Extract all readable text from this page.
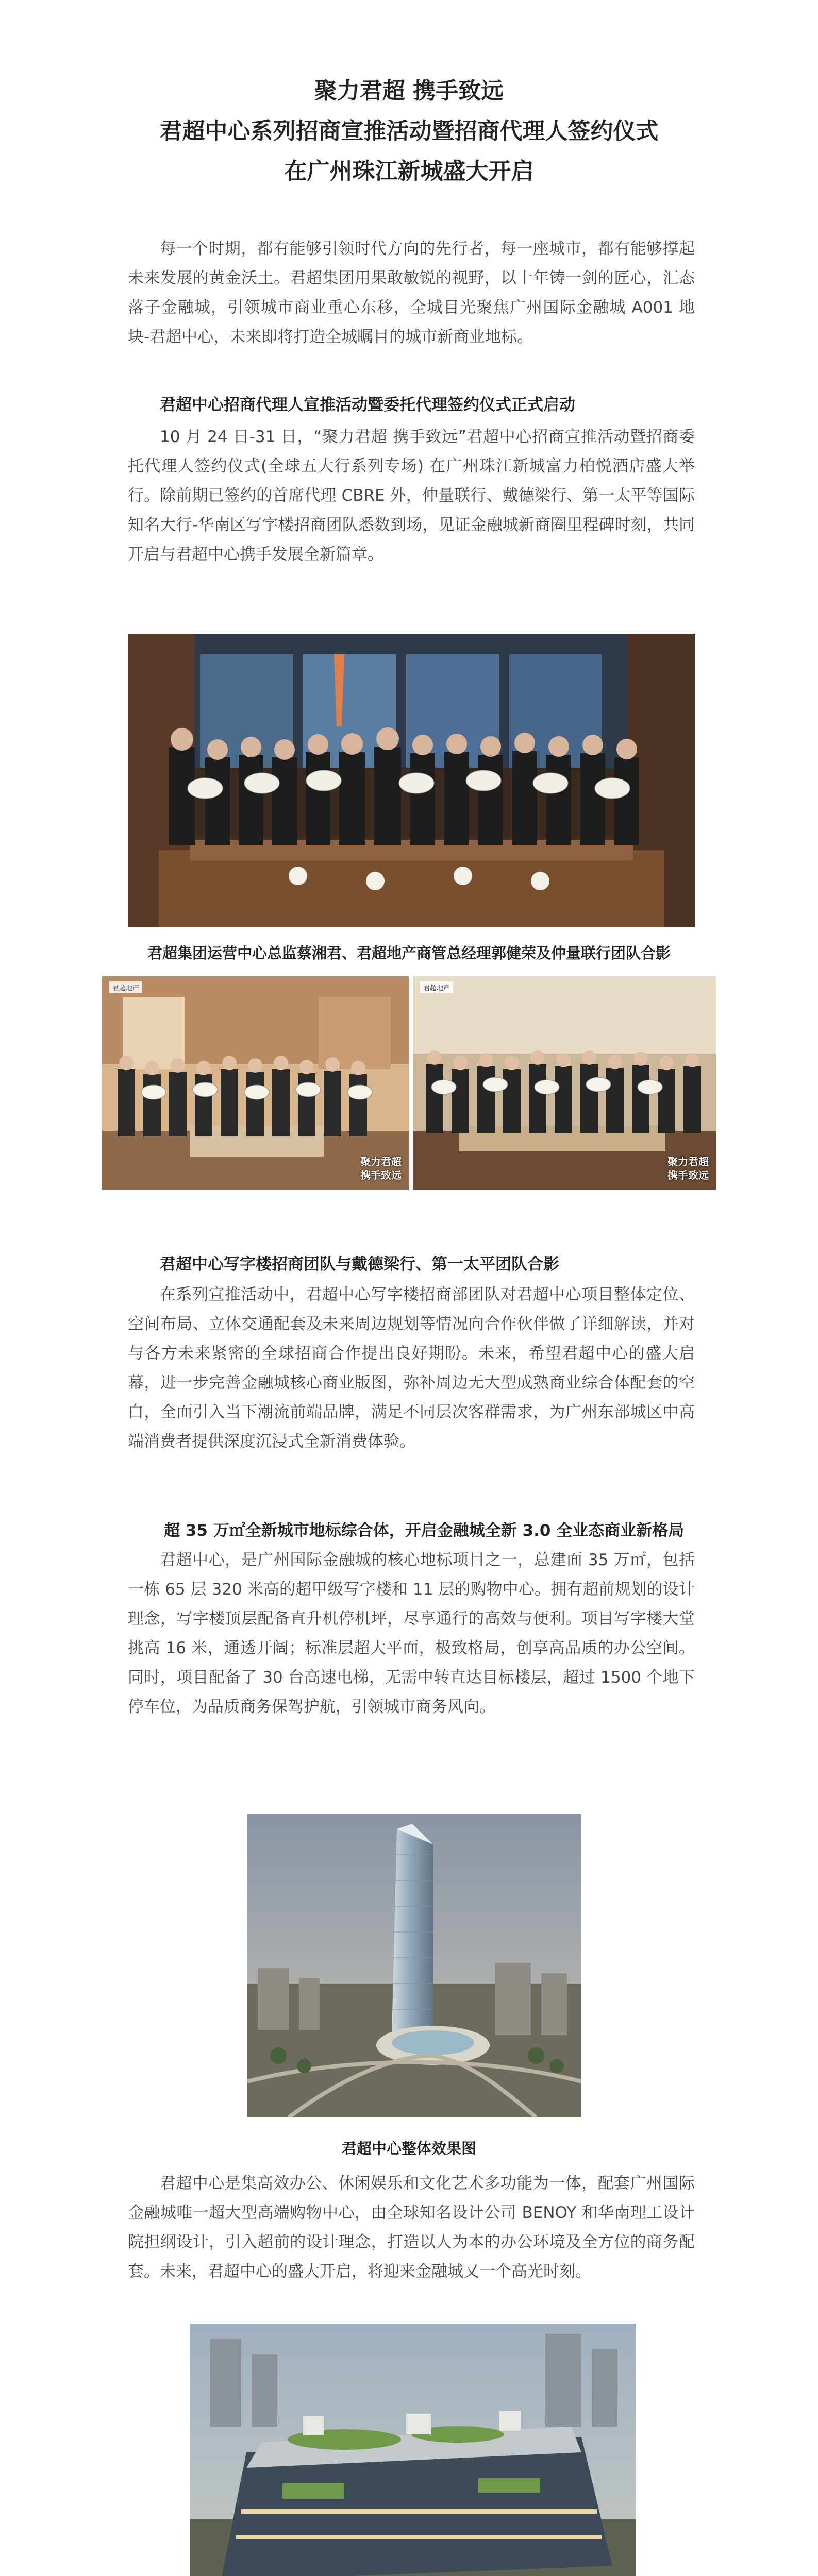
聚力君超 携手致远
君超中心系列招商宣推活动暨招商代理人签约仪式
在广州珠江新城盛大开启

每一个时期，都有能够引领时代方向的先行者，每一座城市，都有能够撑起未来发展的黄金沃土。君超集团用果敢敏锐的视野，以十年铸一剑的匠心，汇态落子金融城，引领城市商业重心东移，全城目光聚焦广州国际金融城 A001 地块-君超中心，未来即将打造全城瞩目的城市新商业地标。

君超中心招商代理人宣推活动暨委托代理签约仪式正式启动

10 月 24 日-31 日，“聚力君超 携手致远”君超中心招商宣推活动暨招商委托代理人签约仪式(全球五大行系列专场) 在广州珠江新城富力柏悦酒店盛大举行。除前期已签约的首席代理 CBRE 外，仲量联行、戴德梁行、第一太平等国际知名大行-华南区写字楼招商团队悉数到场，见证金融城新商圈里程碑时刻，共同开启与君超中心携手发展全新篇章。

君超集团运营中心总监蔡湘君、君超地产商管总经理郭健荣及仲量联行团队合影
君超地产
聚力君超
携手致远
君超地产
聚力君超
携手致远
君超中心写字楼招商团队与戴德梁行、第一太平团队合影

在系列宣推活动中，君超中心写字楼招商部团队对君超中心项目整体定位、空间布局、立体交通配套及未来周边规划等情况向合作伙伴做了详细解读，并对与各方未来紧密的全球招商合作提出良好期盼。未来，希望君超中心的盛大启幕，进一步完善金融城核心商业版图，弥补周边无大型成熟商业综合体配套的空白，全面引入当下潮流前端品牌，满足不同层次客群需求，为广州东部城区中高端消费者提供深度沉浸式全新消费体验。

超 35 万㎡全新城市地标综合体，开启金融城全新 3.0 全业态商业新格局

君超中心，是广州国际金融城的核心地标项目之一，总建面 35 万㎡，包括一栋 65 层 320 米高的超甲级写字楼和 11 层的购物中心。拥有超前规划的设计理念，写字楼顶层配备直升机停机坪，尽享通行的高效与便利。项目写字楼大堂挑高 16 米，通透开阔；标准层超大平面，极致格局，创享高品质的办公空间。同时，项目配备了 30 台高速电梯，无需中转直达目标楼层，超过 1500 个地下停车位，为品质商务保驾护航，引领城市商务风向。

君超中心整体效果图

君超中心是集高效办公、休闲娱乐和文化艺术多功能为一体，配套广州国际金融城唯一超大型高端购物中心，由全球知名设计公司 BENOY 和华南理工设计院担纲设计，引入超前的设计理念，打造以人为本的办公环境及全方位的商务配套。未来，君超中心的盛大开启，将迎来金融城又一个高光时刻。
